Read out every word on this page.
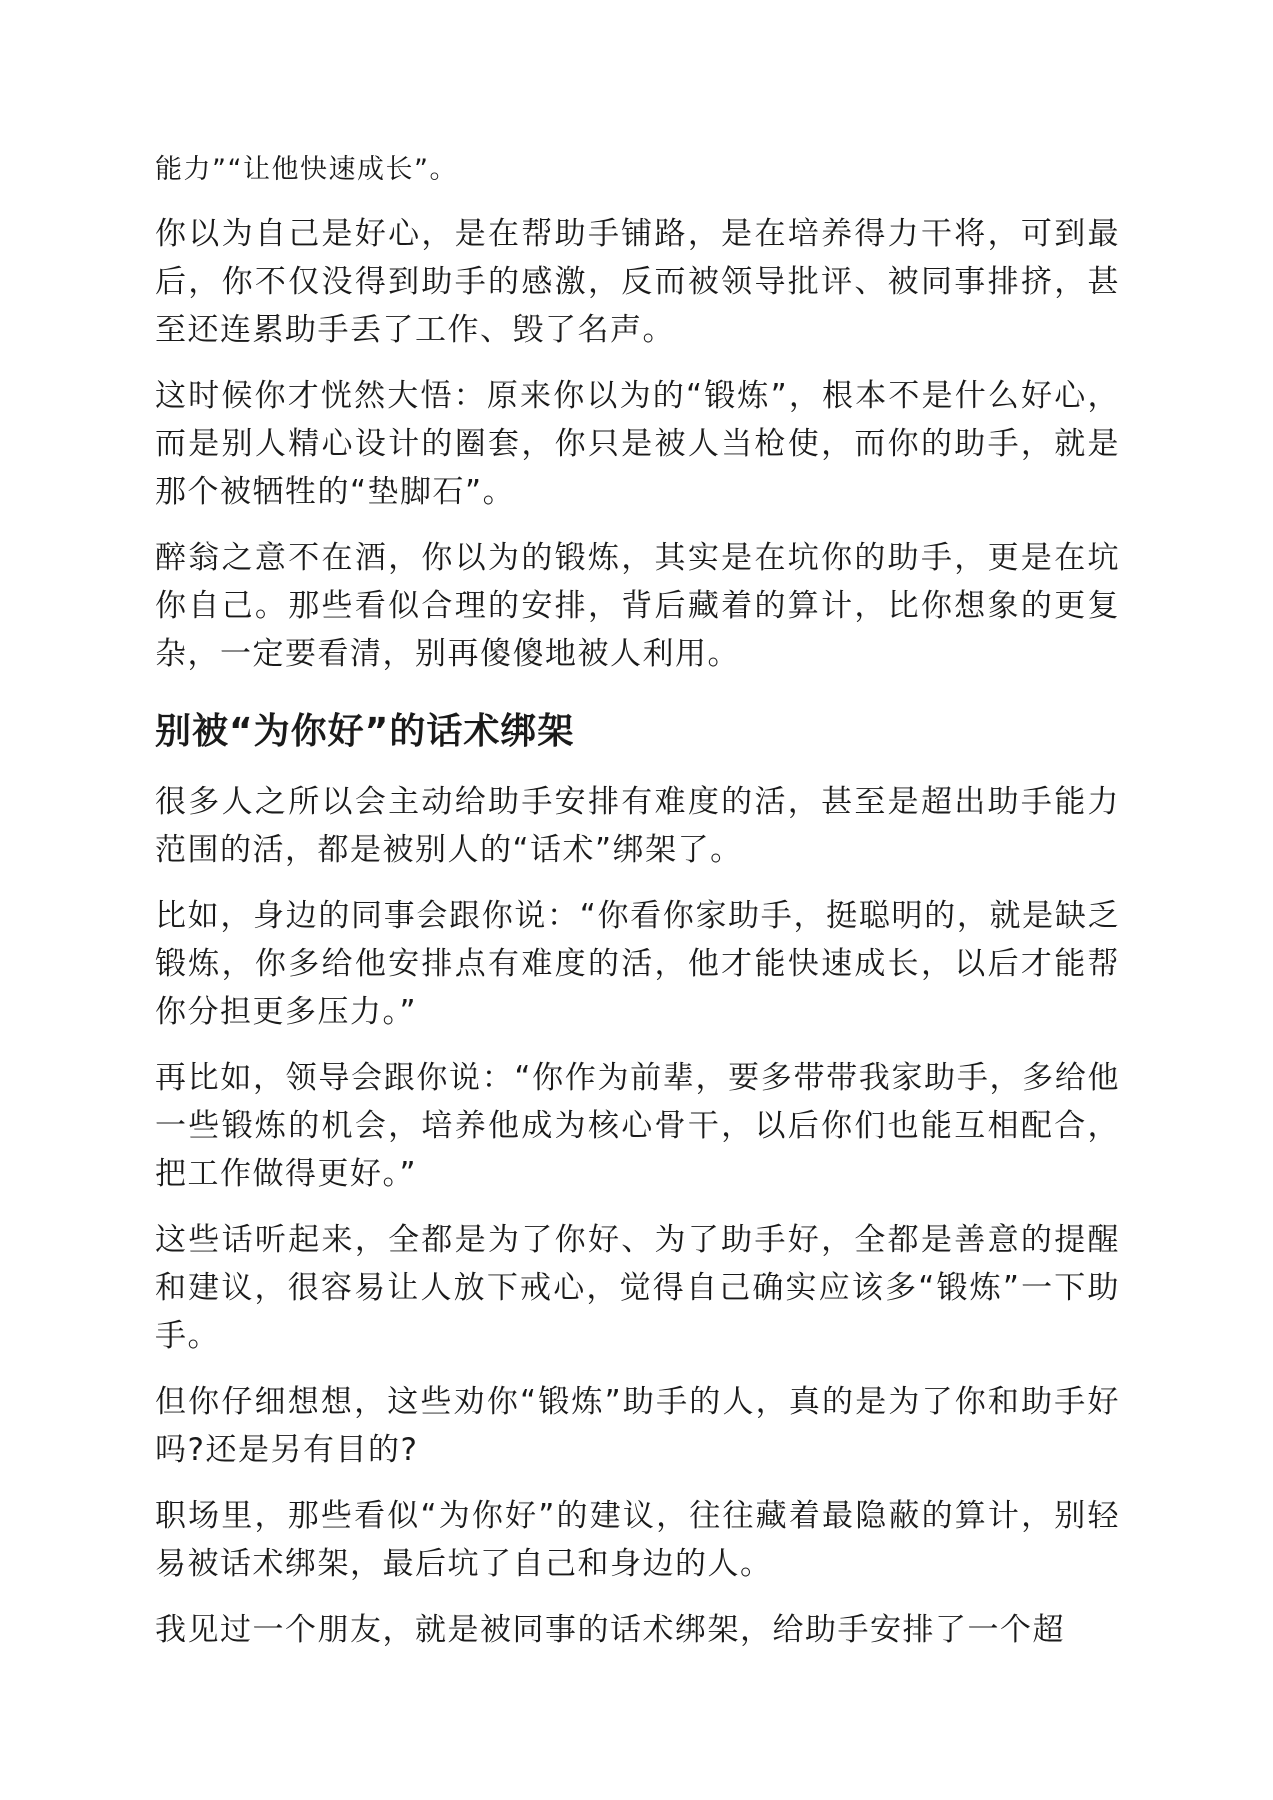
能力”“让他快速成长”。

你以为自己是好心，是在帮助手铺路，是在培养得力干将，可到最后，你不仅没得到助手的感激，反而被领导批评、被同事排挤，甚至还连累助手丢了工作、毁了名声。

这时候你才恍然大悟：原来你以为的“锻炼”，根本不是什么好心，而是别人精心设计的圈套，你只是被人当枪使，而你的助手，就是那个被牺牲的“垫脚石”。

醉翁之意不在酒，你以为的锻炼，其实是在坑你的助手，更是在坑你自己。那些看似合理的安排，背后藏着的算计，比你想象的更复杂，一定要看清，别再傻傻地被人利用。

别被“为你好”的话术绑架

很多人之所以会主动给助手安排有难度的活，甚至是超出助手能力范围的活，都是被别人的“话术”绑架了。

比如，身边的同事会跟你说：“你看你家助手，挺聪明的，就是缺乏锻炼，你多给他安排点有难度的活，他才能快速成长，以后才能帮你分担更多压力。”

再比如，领导会跟你说：“你作为前辈，要多带带我家助手，多给他一些锻炼的机会，培养他成为核心骨干，以后你们也能互相配合，把工作做得更好。”

这些话听起来，全都是为了你好、为了助手好，全都是善意的提醒和建议，很容易让人放下戒心，觉得自己确实应该多“锻炼”一下助手。

但你仔细想想，这些劝你“锻炼”助手的人，真的是为了你和助手好吗?还是另有目的?

职场里，那些看似“为你好”的建议，往往藏着最隐蔽的算计，别轻易被话术绑架，最后坑了自己和身边的人。

我见过一个朋友，就是被同事的话术绑架，给助手安排了一个超
